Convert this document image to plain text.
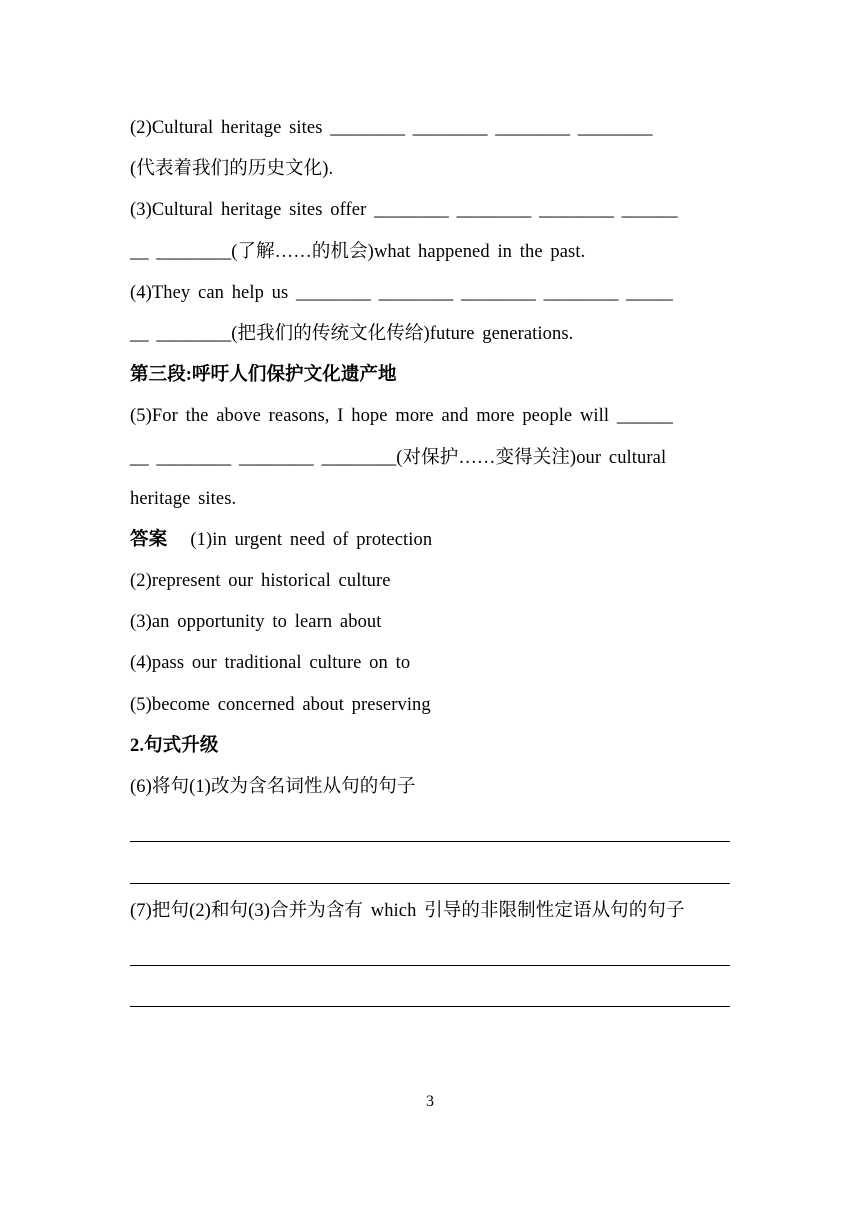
(2)Cultural heritage sites ________ ________ ________ ________
(代表着我们的历史文化).
(3)Cultural heritage sites offer ________ ________ ________ ______
__ ________(了解……的机会)what happened in the past.
(4)They can help us ________ ________ ________ ________ _____
__ ________(把我们的传统文化传给)future generations.
第三段:呼吁人们保护文化遗产地
(5)For the above reasons, I hope more and more people will ______
__ ________ ________ ________(对保护……变得关注)our cultural
heritage sites.
答案 (1)in urgent need of protection
(2)represent our historical culture
(3)an opportunity to learn about
(4)pass our traditional culture on to
(5)become concerned about preserving
2.句式升级
(6)将句(1)改为含名词性从句的句子
(7)把句(2)和句(3)合并为含有 which 引导的非限制性定语从句的句子
3
